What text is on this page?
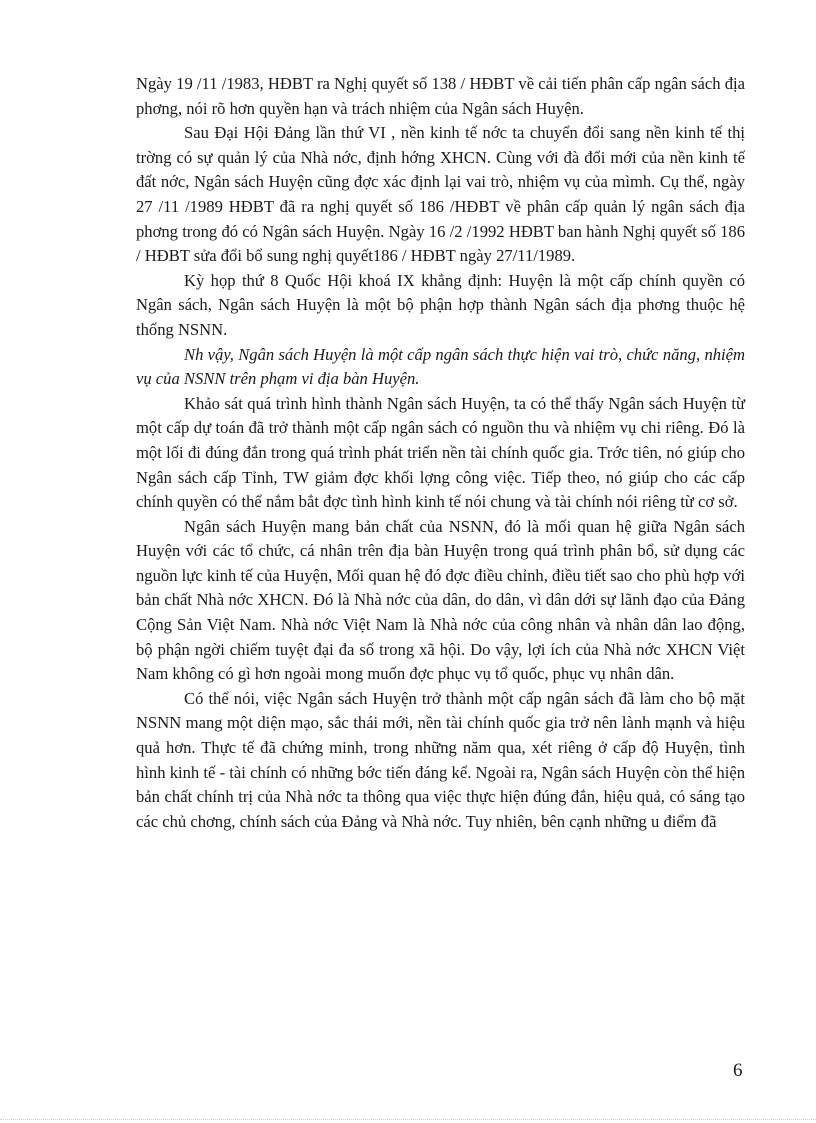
Ngày 19 /11 /1983, HĐBT ra Nghị quyết số 138 / HĐBT về cải tiến phân cấp ngân sách địa phơng, nói rõ hơn quyền hạn và trách nhiệm của Ngân sách Huyện.

Sau Đại Hội Đảng lần thứ VI , nền kinh tế nớc ta chuyển đổi sang nền kinh tế thị trờng có sự quản lý của Nhà nớc, định hớng XHCN. Cùng với đà đổi mới của nền kinh tế đất nớc, Ngân sách Huyện cũng đợc xác định lại vai trò, nhiệm vụ của mìmh. Cụ thể, ngày 27 /11 /1989 HĐBT đã ra nghị quyết số 186 /HĐBT về phân cấp quản lý ngân sách địa phơng trong đó có Ngân sách Huyện. Ngày 16 /2 /1992 HĐBT ban hành Nghị quyết số 186 / HĐBT sửa đổi bổ sung nghị quyết186 / HĐBT ngày 27/11/1989.

Kỳ họp thứ 8 Quốc Hội khoá IX khẳng định: Huyện là một cấp chính quyền có Ngân sách, Ngân sách Huyện là một bộ phận hợp thành Ngân sách địa phơng thuộc hệ thống NSNN.

Nh vậy, Ngân sách Huyện là một cấp ngân sách thực hiện vai trò, chức năng, nhiệm vụ của NSNN trên phạm vi địa bàn Huyện.

Khảo sát quá trình hình thành Ngân sách Huyện, ta có thể thấy Ngân sách Huyện từ một cấp dự toán đã trở thành một cấp ngân sách có nguồn thu và nhiệm vụ chi riêng. Đó là một lối đi đúng đắn trong quá trình phát triển nền tài chính quốc gia. Trớc tiên, nó giúp cho Ngân sách cấp Tỉnh, TW giảm đợc khối lợng công việc. Tiếp theo, nó giúp cho các cấp chính quyền có thể nắm bắt đợc tình hình kinh tế nói chung và tài chính nói riêng từ cơ sở.

Ngân sách Huyện mang bản chất của NSNN, đó là mối quan hệ giữa Ngân sách Huyện với các tổ chức, cá nhân trên địa bàn Huyện trong quá trình phân bổ, sử dụng các nguồn lực kinh tế của Huyện, Mối quan hệ đó đợc điều chỉnh, điều tiết sao cho phù hợp với bản chất Nhà nớc XHCN. Đó là Nhà nớc của dân, do dân, vì dân dới sự lãnh đạo của Đảng Cộng Sản Việt Nam. Nhà nớc Việt Nam là Nhà nớc của công nhân và nhân dân lao động, bộ phận ngời chiếm tuyệt đại đa số trong xã hội. Do vậy, lợi ích của Nhà nớc XHCN Việt Nam không có gì hơn ngoài mong muốn đợc phục vụ tổ quốc, phục vụ nhân dân.

Có thể nói, việc Ngân sách Huyện trở thành một cấp ngân sách đã làm cho bộ mặt NSNN mang một diện mạo, sắc thái mới, nền tài chính quốc gia trở nên lành mạnh và hiệu quả hơn. Thực tế đã chứng minh, trong những năm qua, xét riêng ở cấp độ Huyện, tình hình kinh tế - tài chính có những bớc tiến đáng kể. Ngoài ra, Ngân sách Huyện còn thể hiện bản chất chính trị của Nhà nớc ta thông qua việc thực hiện đúng đắn, hiệu quả, có sáng tạo các chủ chơng, chính sách của Đảng và Nhà nớc. Tuy nhiên, bên cạnh những u điểm đã

6
